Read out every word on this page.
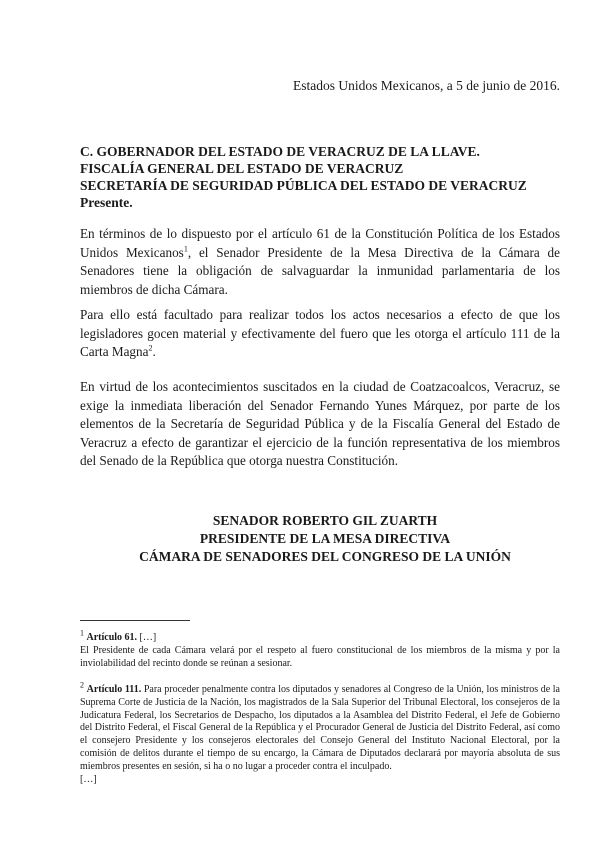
Estados Unidos Mexicanos, a 5 de junio de 2016.
C. GOBERNADOR DEL ESTADO DE VERACRUZ DE LA LLAVE.
FISCALÍA GENERAL DEL ESTADO DE VERACRUZ
SECRETARÍA DE SEGURIDAD PÚBLICA DEL ESTADO DE VERACRUZ
Presente.
En términos de lo dispuesto por el artículo 61 de la Constitución Política de los Estados Unidos Mexicanos$^1$, el Senador Presidente de la Mesa Directiva de la Cámara de Senadores tiene la obligación de salvaguardar la inmunidad parlamentaria de los miembros de dicha Cámara.
Para ello está facultado para realizar todos los actos necesarios a efecto de que los legisladores gocen material y efectivamente del fuero que les otorga el artículo 111 de la Carta Magna$^2$.
En virtud de los acontecimientos suscitados en la ciudad de Coatzacoalcos, Veracruz, se exige la inmediata liberación del Senador Fernando Yunes Márquez, por parte de los elementos de la Secretaría de Seguridad Pública y de la Fiscalía General del Estado de Veracruz a efecto de garantizar el ejercicio de la función representativa de los miembros del Senado de la República que otorga nuestra Constitución.
SENADOR ROBERTO GIL ZUARTH
PRESIDENTE DE LA MESA DIRECTIVA
CÁMARA DE SENADORES DEL CONGRESO DE LA UNIÓN
$^1$ Artículo 61. […]
El Presidente de cada Cámara velará por el respeto al fuero constitucional de los miembros de la misma y por la inviolabilidad del recinto donde se reúnan a sesionar.
$^2$ Artículo 111. Para proceder penalmente contra los diputados y senadores al Congreso de la Unión, los ministros de la Suprema Corte de Justicia de la Nación, los magistrados de la Sala Superior del Tribunal Electoral, los consejeros de la Judicatura Federal, los Secretarios de Despacho, los diputados a la Asamblea del Distrito Federal, el Jefe de Gobierno del Distrito Federal, el Fiscal General de la República y el Procurador General de Justicia del Distrito Federal, así como el consejero Presidente y los consejeros electorales del Consejo General del Instituto Nacional Electoral, por la comisión de delitos durante el tiempo de su encargo, la Cámara de Diputados declarará por mayoría absoluta de sus miembros presentes en sesión, si ha o no lugar a proceder contra el inculpado.
[…]
